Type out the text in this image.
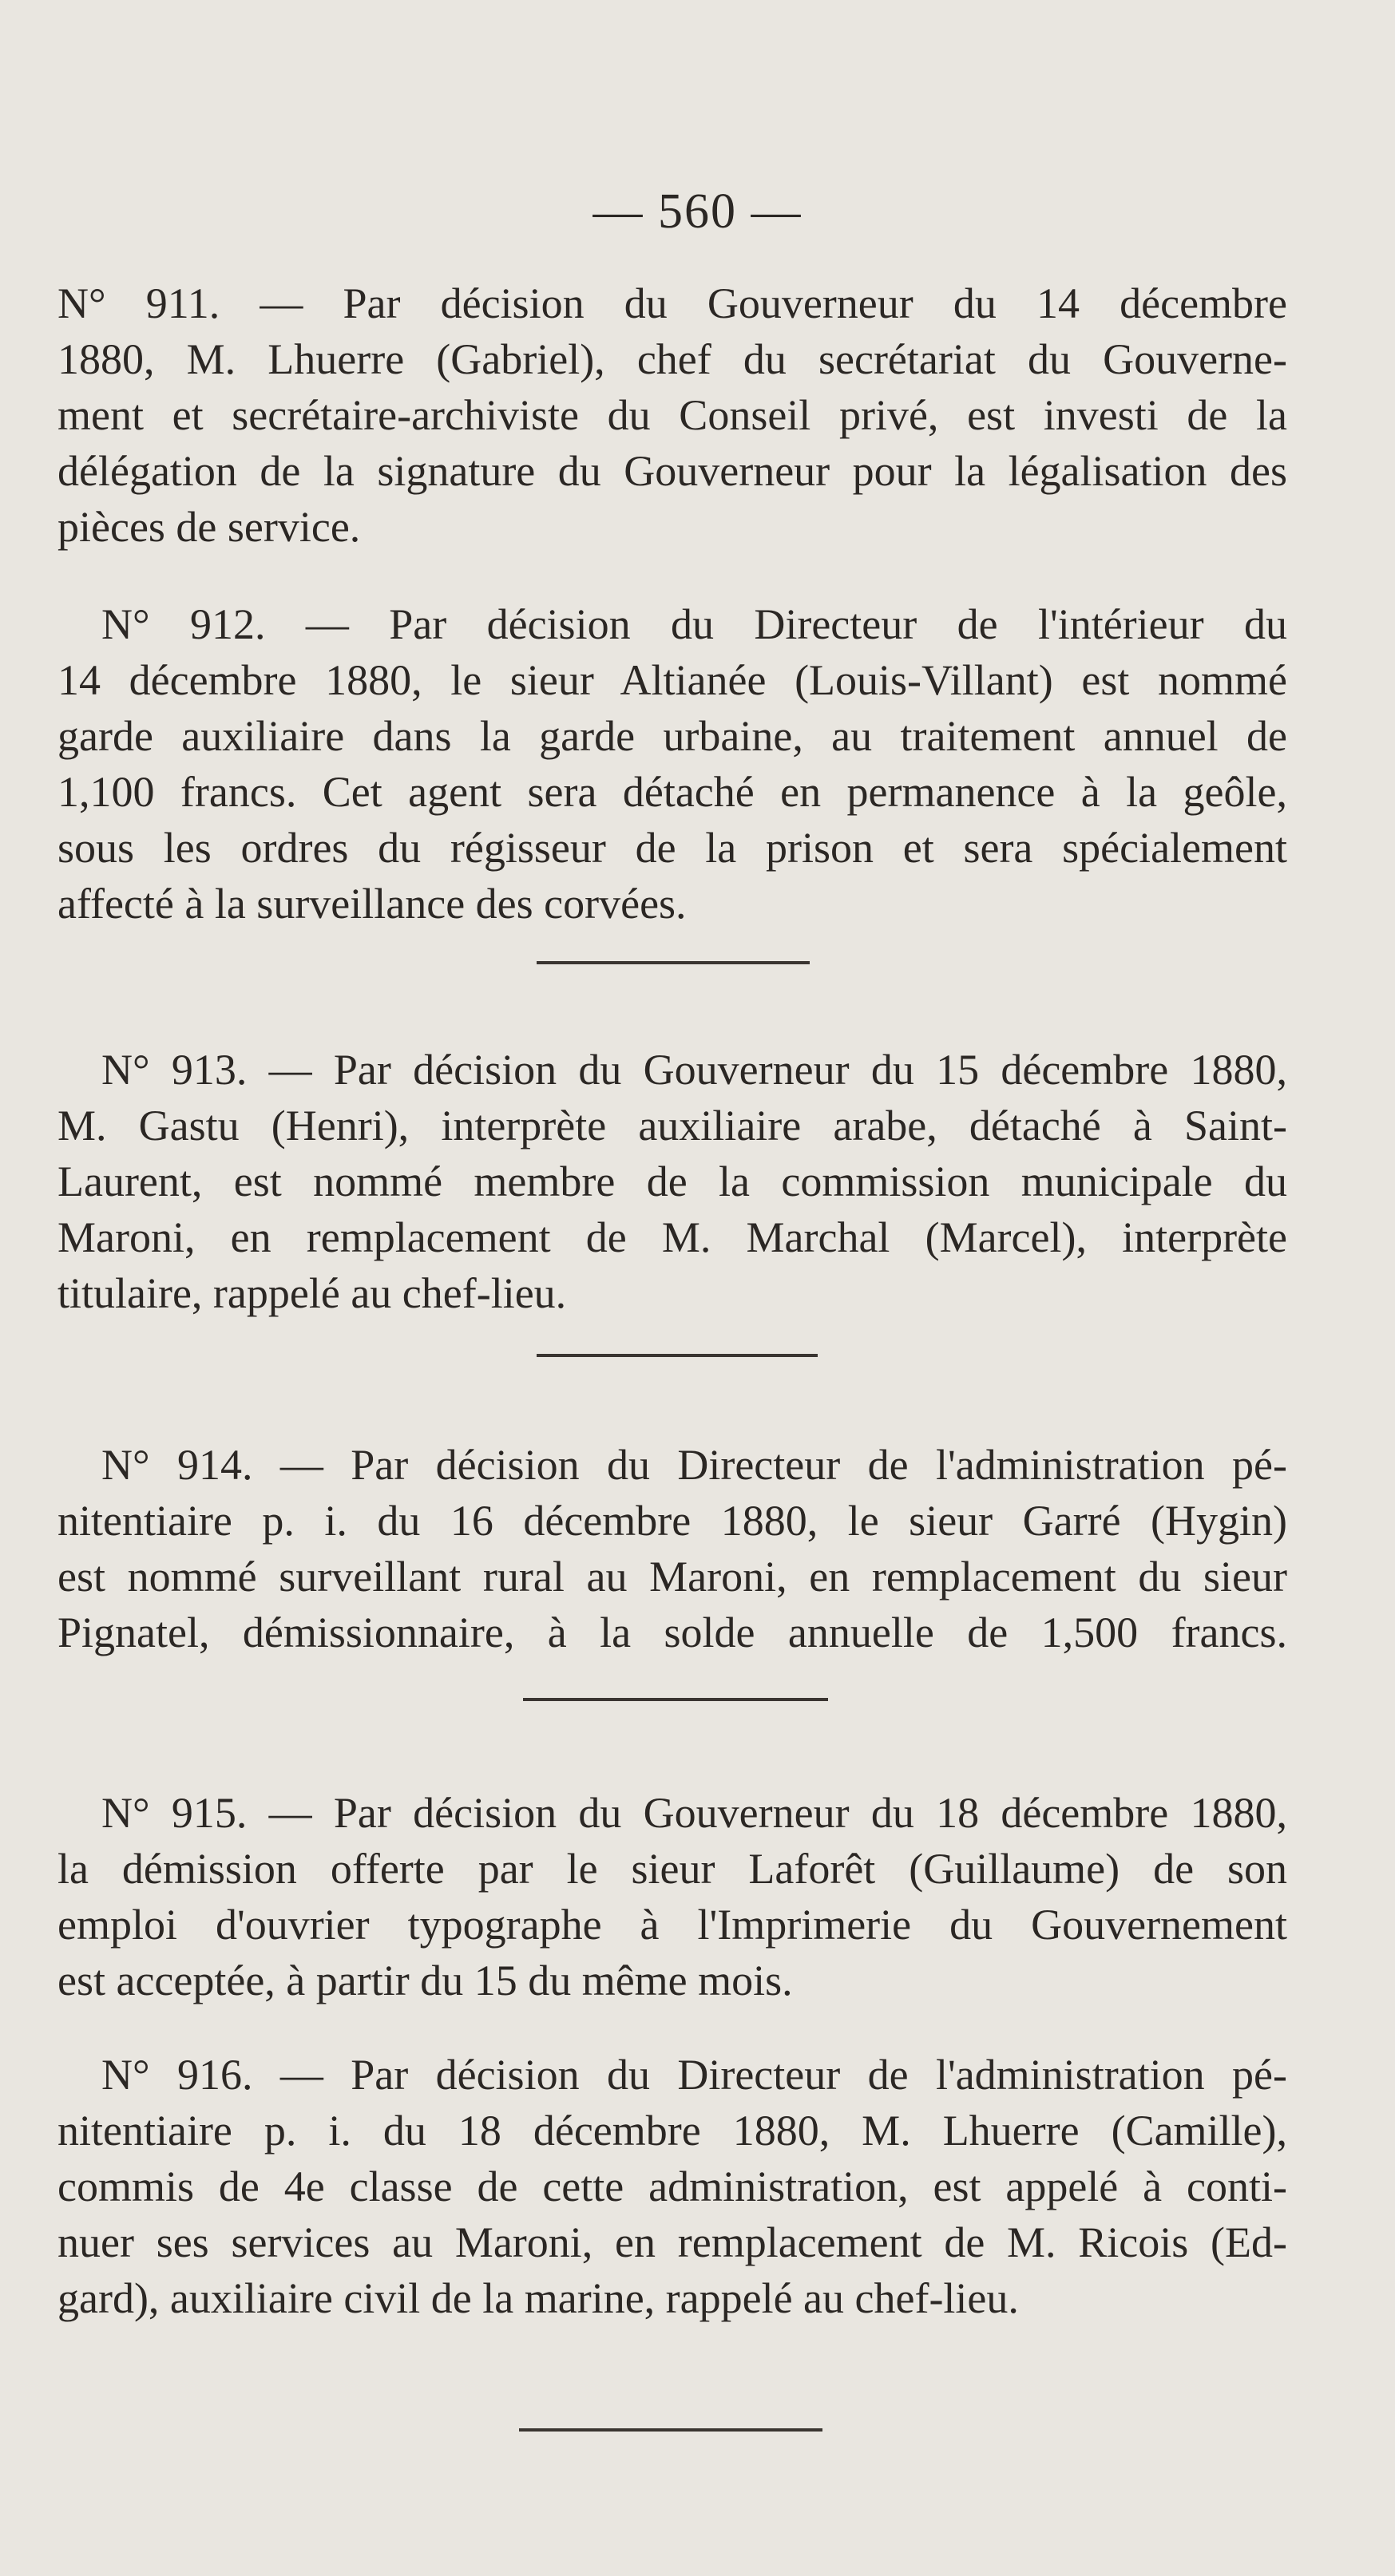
— 560 —
N° 911. — Par décision du Gouverneur du 14 décembre
1880, M. Lhuerre (Gabriel), chef du secrétariat du Gouverne-
ment et secrétaire-archiviste du Conseil privé, est investi de la
délégation de la signature du Gouverneur pour la légalisation des
pièces de service.
N° 912. — Par décision du Directeur de l'intérieur du
14 décembre 1880, le sieur Altianée (Louis-Villant) est nommé
garde auxiliaire dans la garde urbaine, au traitement annuel de
1,100 francs. Cet agent sera détaché en permanence à la geôle,
sous les ordres du régisseur de la prison et sera spécialement
affecté à la surveillance des corvées.
N° 913. — Par décision du Gouverneur du 15 décembre 1880,
M. Gastu (Henri), interprète auxiliaire arabe, détaché à Saint-
Laurent, est nommé membre de la commission municipale du
Maroni, en remplacement de M. Marchal (Marcel), interprète
titulaire, rappelé au chef-lieu.
N° 914. — Par décision du Directeur de l'administration pé-
nitentiaire p. i. du 16 décembre 1880, le sieur Garré (Hygin)
est nommé surveillant rural au Maroni, en remplacement du sieur
Pignatel, démissionnaire, à la solde annuelle de 1,500 francs.
N° 915. — Par décision du Gouverneur du 18 décembre 1880,
la démission offerte par le sieur Laforêt (Guillaume) de son
emploi d'ouvrier typographe à l'Imprimerie du Gouvernement
est acceptée, à partir du 15 du même mois.
N° 916. — Par décision du Directeur de l'administration pé-
nitentiaire p. i. du 18 décembre 1880, M. Lhuerre (Camille),
commis de 4e classe de cette administration, est appelé à conti-
nuer ses services au Maroni, en remplacement de M. Ricois (Ed-
gard), auxiliaire civil de la marine, rappelé au chef-lieu.
